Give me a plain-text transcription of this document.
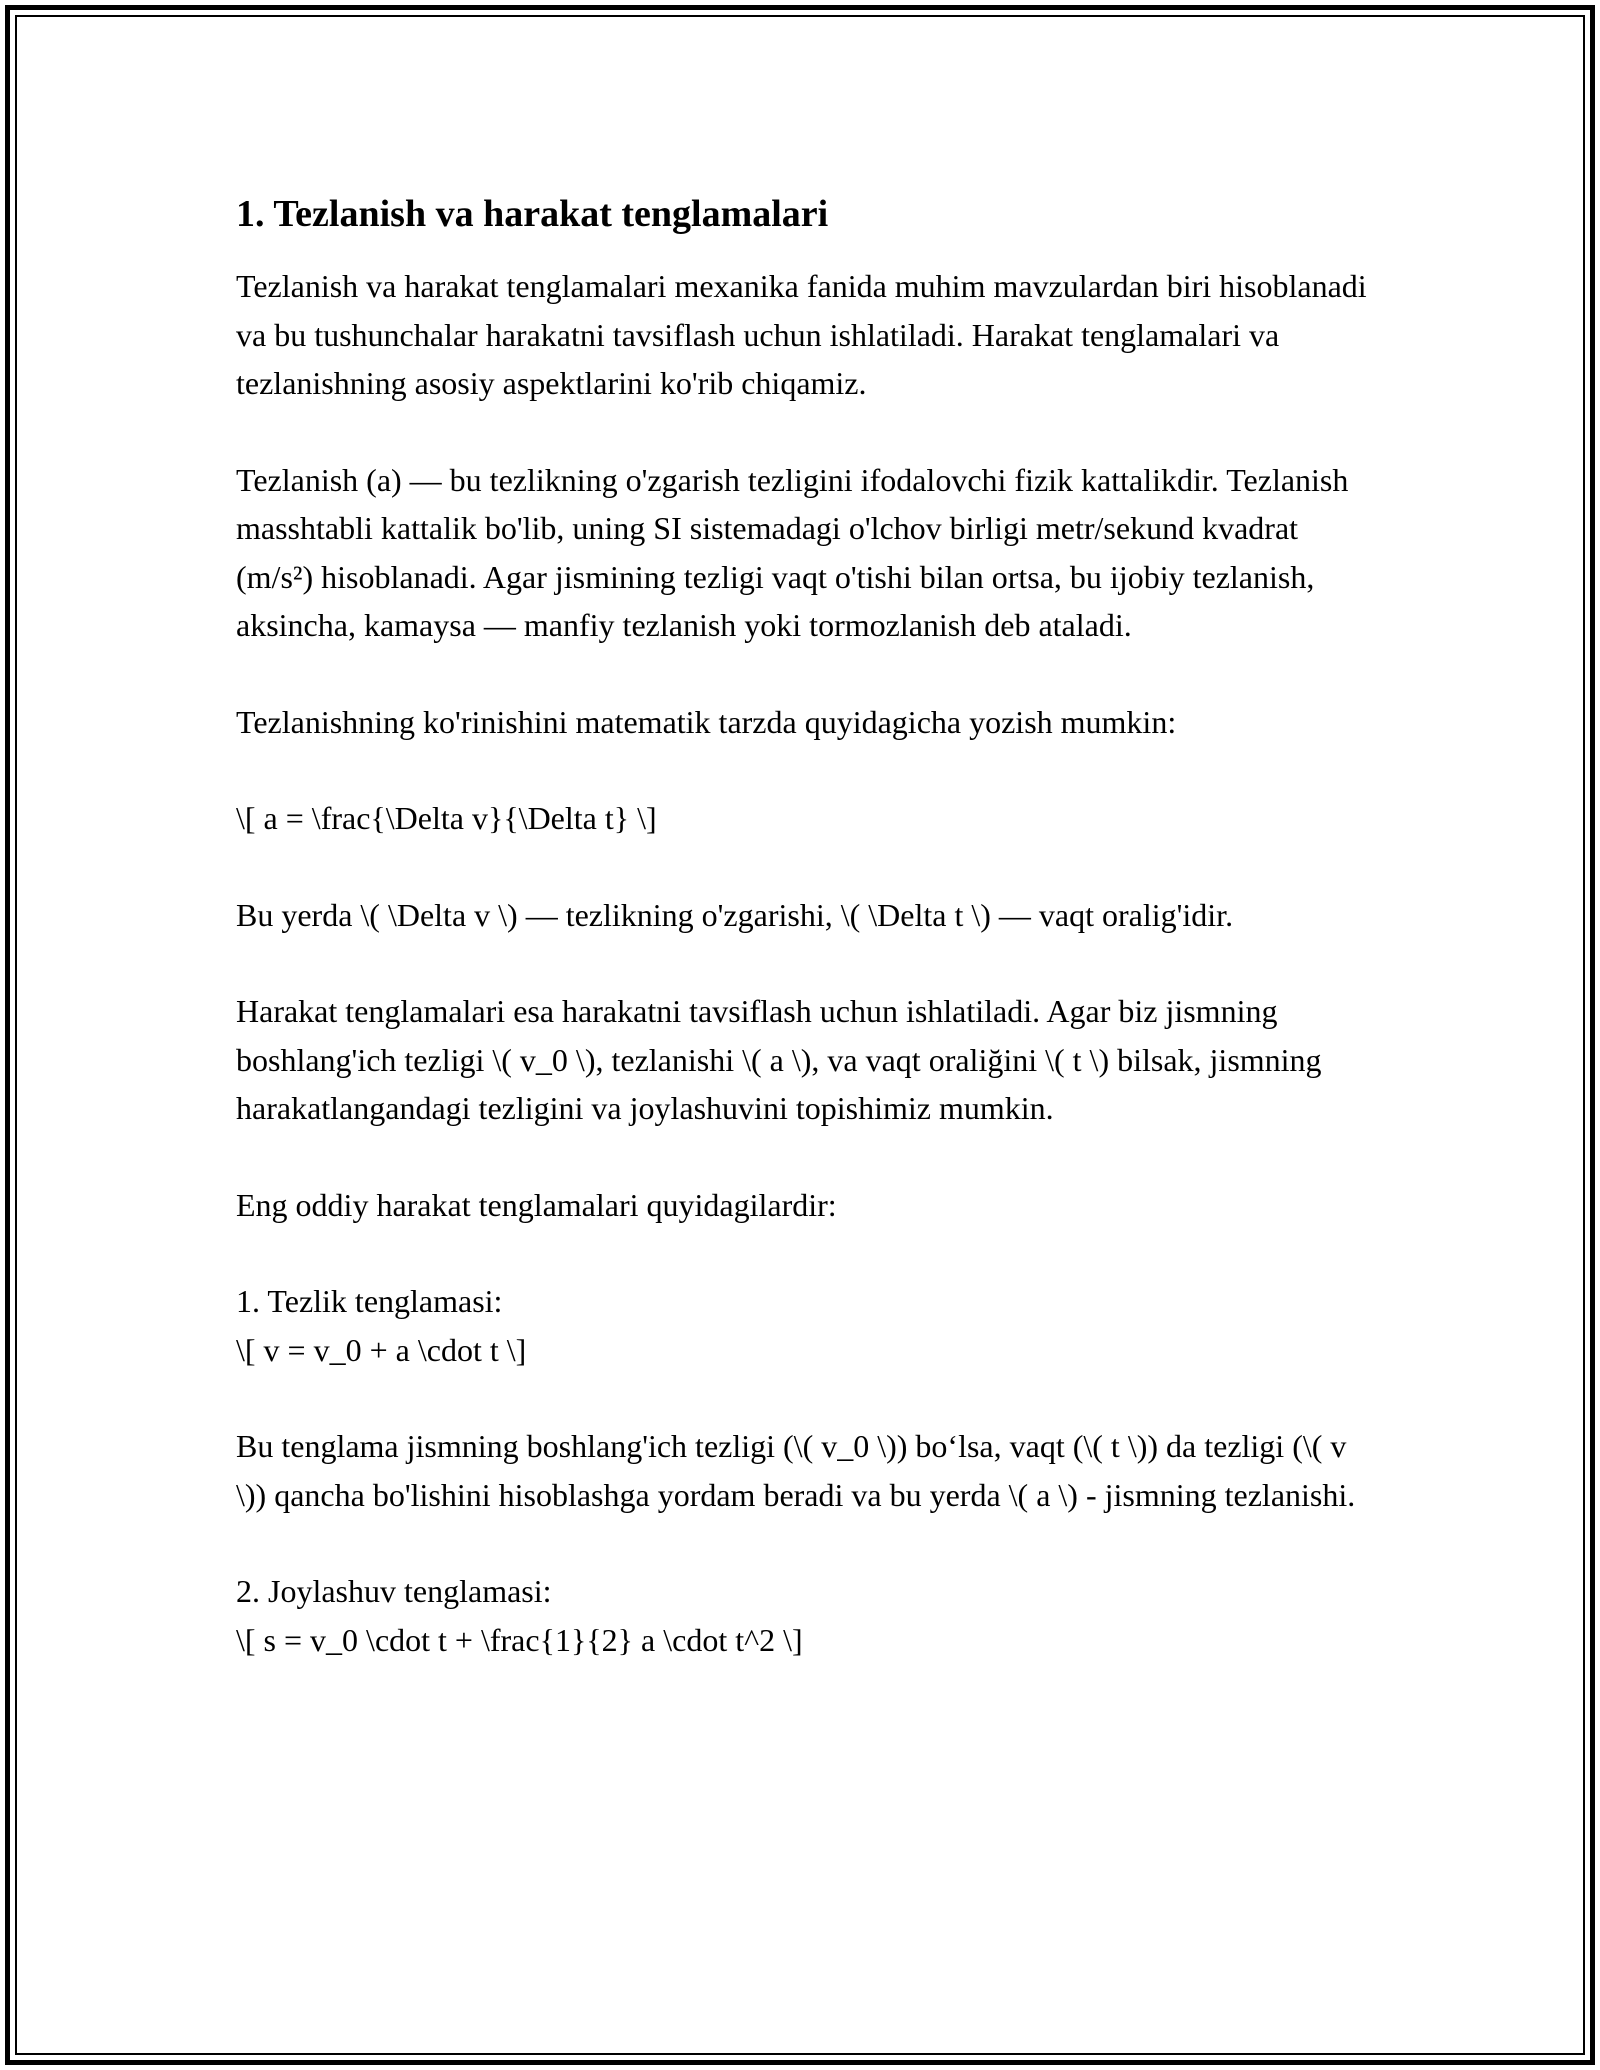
1. Tezlanish va harakat tenglamalari

Tezlanish va harakat tenglamalari mexanika fanida muhim mavzulardan biri hisoblanadi va bu tushunchalar harakatni tavsiflash uchun ishlatiladi. Harakat tenglamalari va tezlanishning asosiy aspektlarini ko'rib chiqamiz.

Tezlanish (a) — bu tezlikning o'zgarish tezligini ifodalovchi fizik kattalikdir. Tezlanish masshtabli kattalik bo'lib, uning SI sistemadagi o'lchov birligi metr/sekund kvadrat (m/s²) hisoblanadi. Agar jismining tezligi vaqt o'tishi bilan ortsa, bu ijobiy tezlanish, aksincha, kamaysa — manfiy tezlanish yoki tormozlanish deb ataladi.

Tezlanishning ko'rinishini matematik tarzda quyidagicha yozish mumkin:

\[ a = \frac{\Delta v}{\Delta t} \]

Bu yerda \( \Delta v \) — tezlikning o'zgarishi, \( \Delta t \) — vaqt oralig'idir.

Harakat tenglamalari esa harakatni tavsiflash uchun ishlatiladi. Agar biz jismning boshlang'ich tezligi \( v_0 \), tezlanishi \( a \), va vaqt oraliğini \( t \) bilsak, jismning harakatlangandagi tezligini va joylashuvini topishimiz mumkin.

Eng oddiy harakat tenglamalari quyidagilardir:

1. Tezlik tenglamasi:

\[ v = v_0 + a \cdot t \]

Bu tenglama jismning boshlang'ich tezligi (\( v_0 \)) bo‘lsa, vaqt (\( t \)) da tezligi (\( v \)) qancha bo'lishini hisoblashga yordam beradi va bu yerda \( a \) - jismning tezlanishi.

2. Joylashuv tenglamasi:

\[ s = v_0 \cdot t + \frac{1}{2} a \cdot t^2 \]
